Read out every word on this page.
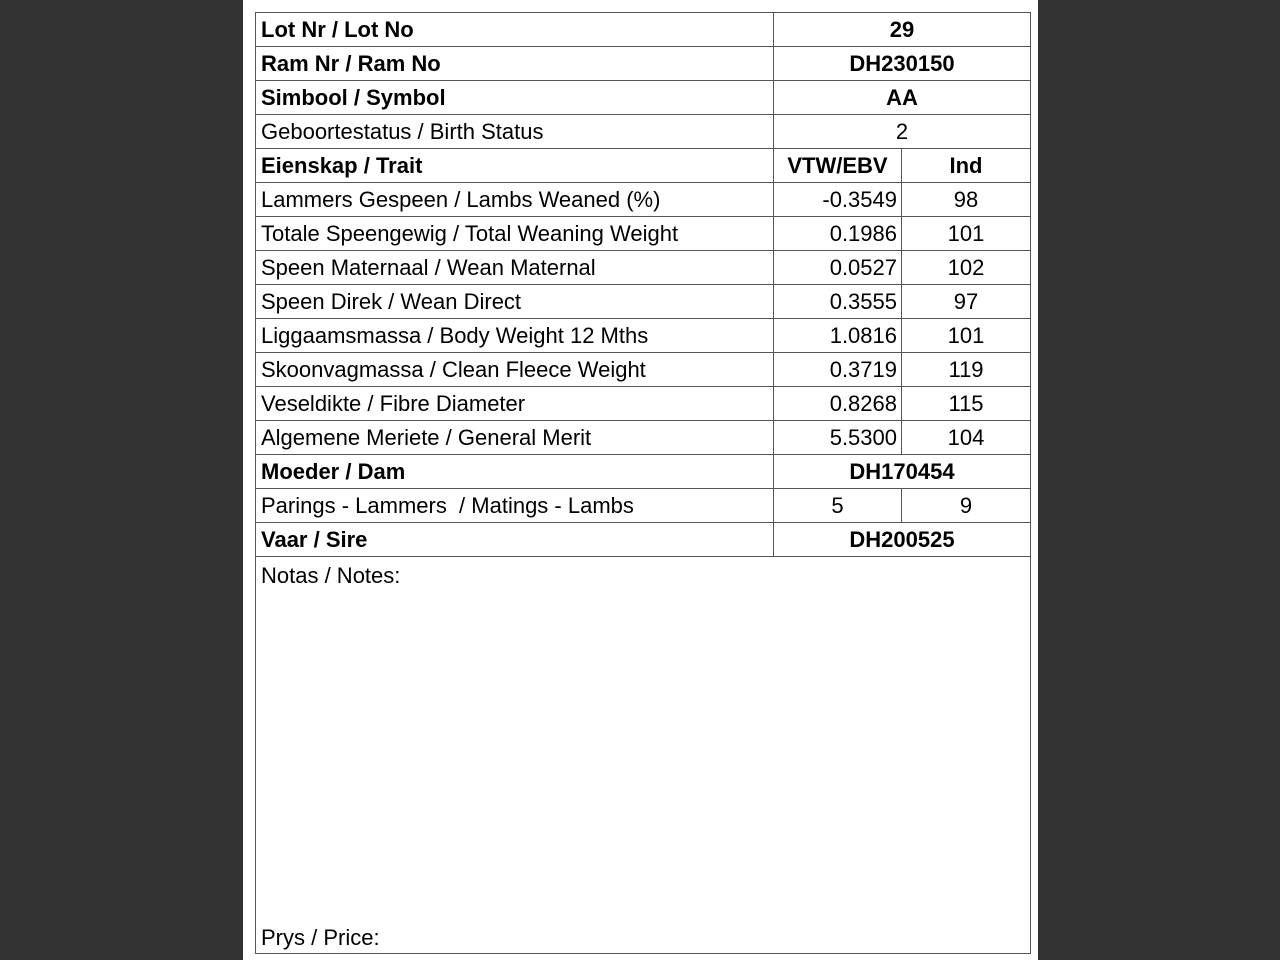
Lot Nr / Lot No	29	
Ram Nr / Ram No	DH230150	
Simbool / Symbol	AA	
Geboortestatus / Birth Status	2	
Eienskap / Trait	VTW/EBV	Ind
Lammers Gespeen / Lambs Weaned (%)	-0.3549	98
Totale Speengewig / Total Weaning Weight	0.1986	101
Speen Maternaal / Wean Maternal	0.0527	102
Speen Direk / Wean Direct	0.3555	97
Liggaamsmassa / Body Weight 12 Mths	1.0816	101
Skoonvagmassa / Clean Fleece Weight	0.3719	119
Veseldikte / Fibre Diameter	0.8268	115
Algemene Meriete / General Merit	5.5300	104
Moeder / Dam	DH170454	
Parings - Lammers  / Matings - Lambs	5	9
Vaar / Sire	DH200525	

Notas / Notes:
Prys / Price:		
